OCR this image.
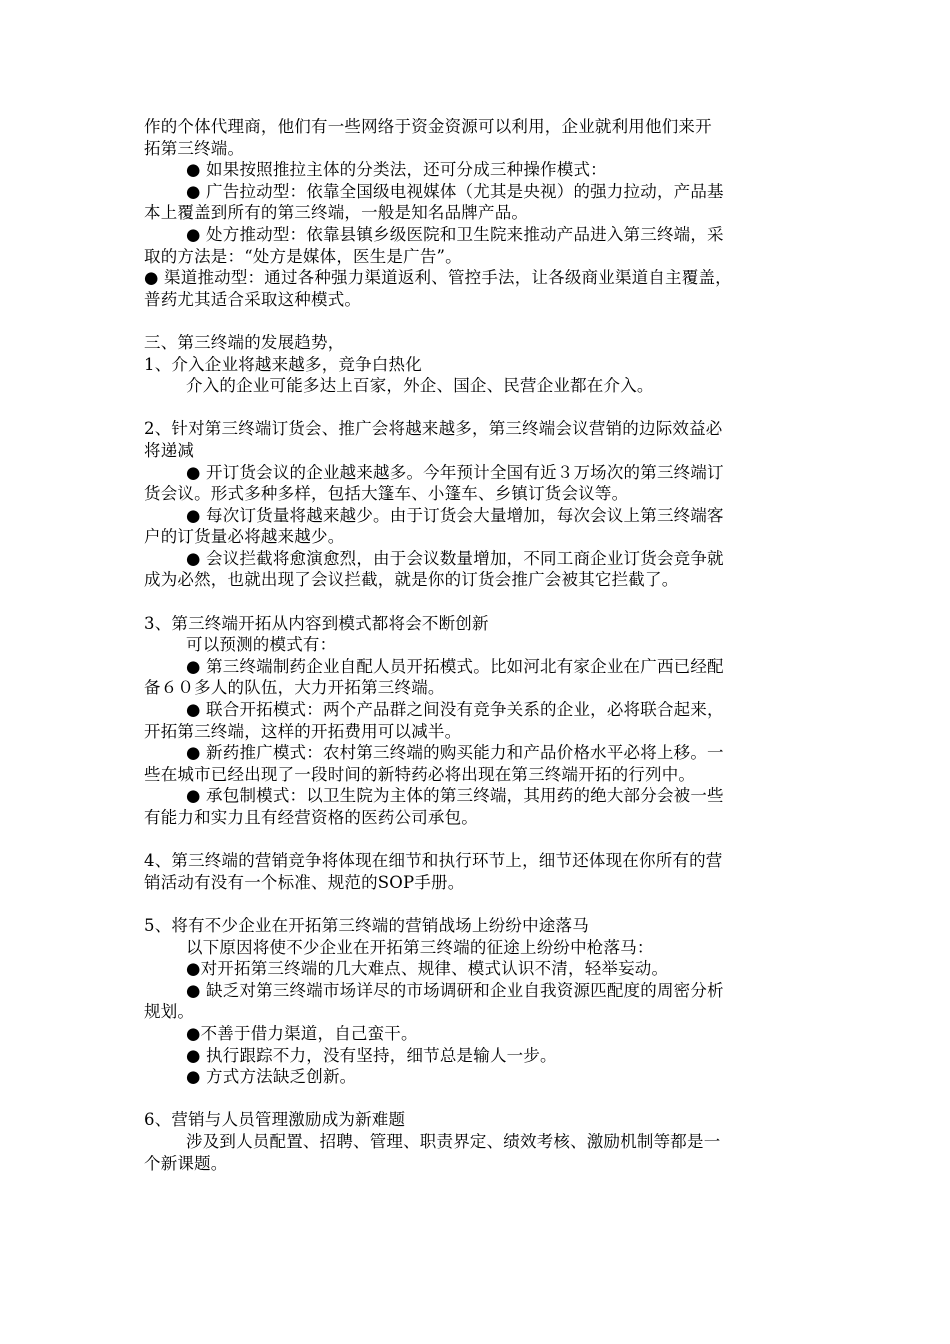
作的个体代理商，他们有一些网络于资金资源可以利用，企业就利用他们来开
拓第三终端。
● 如果按照推拉主体的分类法，还可分成三种操作模式：
● 广告拉动型：依靠全国级电视媒体（尤其是央视）的强力拉动，产品基
本上覆盖到所有的第三终端，一般是知名品牌产品。
● 处方推动型：依靠县镇乡级医院和卫生院来推动产品进入第三终端，采
取的方法是：“处方是媒体，医生是广告”。
● 渠道推动型：通过各种强力渠道返利、管控手法，让各级商业渠道自主覆盖，
普药尤其适合采取这种模式。
三、第三终端的发展趋势，
1、介入企业将越来越多，竞争白热化
介入的企业可能多达上百家，外企、国企、民营企业都在介入。
2、针对第三终端订货会、推广会将越来越多，第三终端会议营销的边际效益必
将递减
● 开订货会议的企业越来越多。今年预计全国有近３万场次的第三终端订
货会议。形式多种多样，包括大篷车、小篷车、乡镇订货会议等。
● 每次订货量将越来越少。由于订货会大量增加，每次会议上第三终端客
户的订货量必将越来越少。
● 会议拦截将愈演愈烈，由于会议数量增加，不同工商企业订货会竞争就
成为必然，也就出现了会议拦截，就是你的订货会推广会被其它拦截了。
3、第三终端开拓从内容到模式都将会不断创新
可以预测的模式有：
● 第三终端制药企业自配人员开拓模式。比如河北有家企业在广西已经配
备６０多人的队伍，大力开拓第三终端。
● 联合开拓模式：两个产品群之间没有竞争关系的企业，必将联合起来，
开拓第三终端，这样的开拓费用可以减半。
● 新药推广模式：农村第三终端的购买能力和产品价格水平必将上移。一
些在城市已经出现了一段时间的新特药必将出现在第三终端开拓的行列中。
● 承包制模式：以卫生院为主体的第三终端，其用药的绝大部分会被一些
有能力和实力且有经营资格的医药公司承包。
4、第三终端的营销竞争将体现在细节和执行环节上，细节还体现在你所有的营
销活动有没有一个标准、规范的SOP手册。
5、将有不少企业在开拓第三终端的营销战场上纷纷中途落马
以下原因将使不少企业在开拓第三终端的征途上纷纷中枪落马：
●对开拓第三终端的几大难点、规律、模式认识不清，轻举妄动。
● 缺乏对第三终端市场详尽的市场调研和企业自我资源匹配度的周密分析
规划。
●不善于借力渠道，自己蛮干。
● 执行跟踪不力，没有坚持，细节总是输人一步。
● 方式方法缺乏创新。
6、营销与人员管理激励成为新难题
涉及到人员配置、招聘、管理、职责界定、绩效考核、激励机制等都是一
个新课题。
